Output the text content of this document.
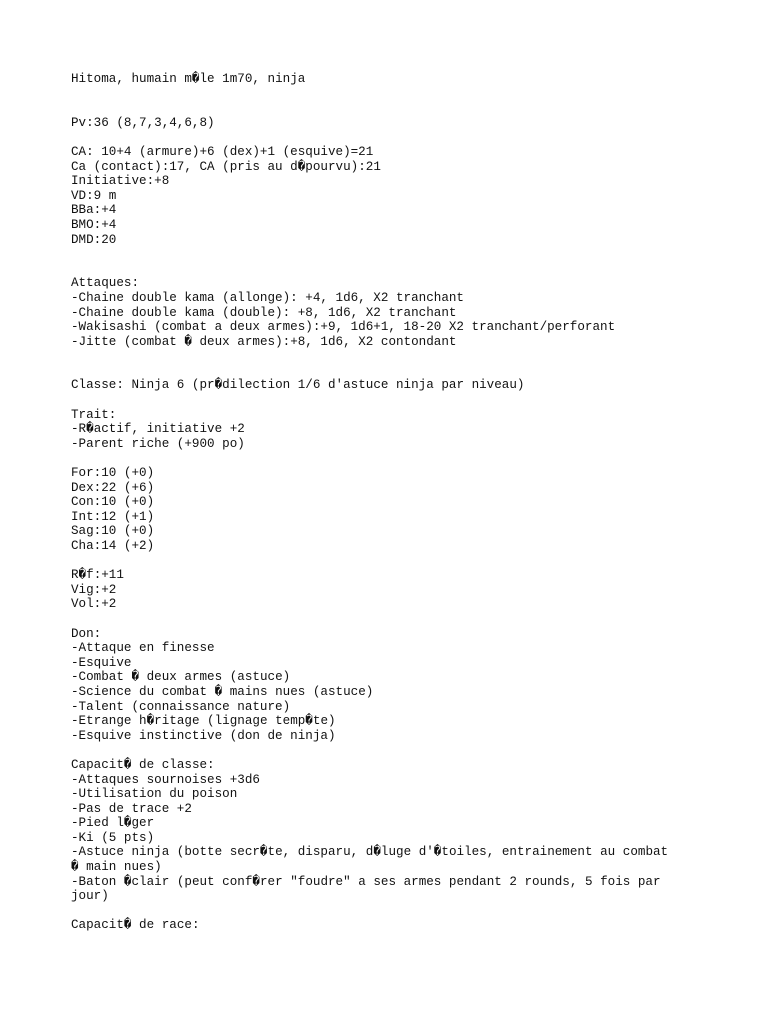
Hitoma, humain m�le 1m70, ninja
Pv:36 (8,7,3,4,6,8)
CA: 10+4 (armure)+6 (dex)+1 (esquive)=21
Ca (contact):17, CA (pris au d�pourvu):21
Initiative:+8
VD:9 m
BBa:+4
BMO:+4
DMD:20
Attaques:
-Chaine double kama (allonge): +4, 1d6, X2 tranchant
-Chaine double kama (double): +8, 1d6, X2 tranchant
-Wakisashi (combat a deux armes):+9, 1d6+1, 18-20 X2 tranchant/perforant
-Jitte (combat � deux armes):+8, 1d6, X2 contondant
Classe: Ninja 6 (pr�dilection 1/6 d'astuce ninja par niveau)
Trait:
-R�actif, initiative +2
-Parent riche (+900 po)
For:10 (+0)
Dex:22 (+6)
Con:10 (+0)
Int:12 (+1)
Sag:10 (+0)
Cha:14 (+2)
R�f:+11
Vig:+2
Vol:+2
Don:
-Attaque en finesse
-Esquive
-Combat � deux armes (astuce)
-Science du combat � mains nues (astuce)
-Talent (connaissance nature)
-Etrange h�ritage (lignage temp�te)
-Esquive instinctive (don de ninja)
Capacit� de classe:
-Attaques sournoises +3d6
-Utilisation du poison
-Pas de trace +2
-Pied l�ger
-Ki (5 pts)
-Astuce ninja (botte secr�te, disparu, d�luge d'�toiles, entrainement au combat � main nues)
-Baton �clair (peut conf�rer "foudre" a ses armes pendant 2 rounds, 5 fois par jour)
Capacit� de race:
